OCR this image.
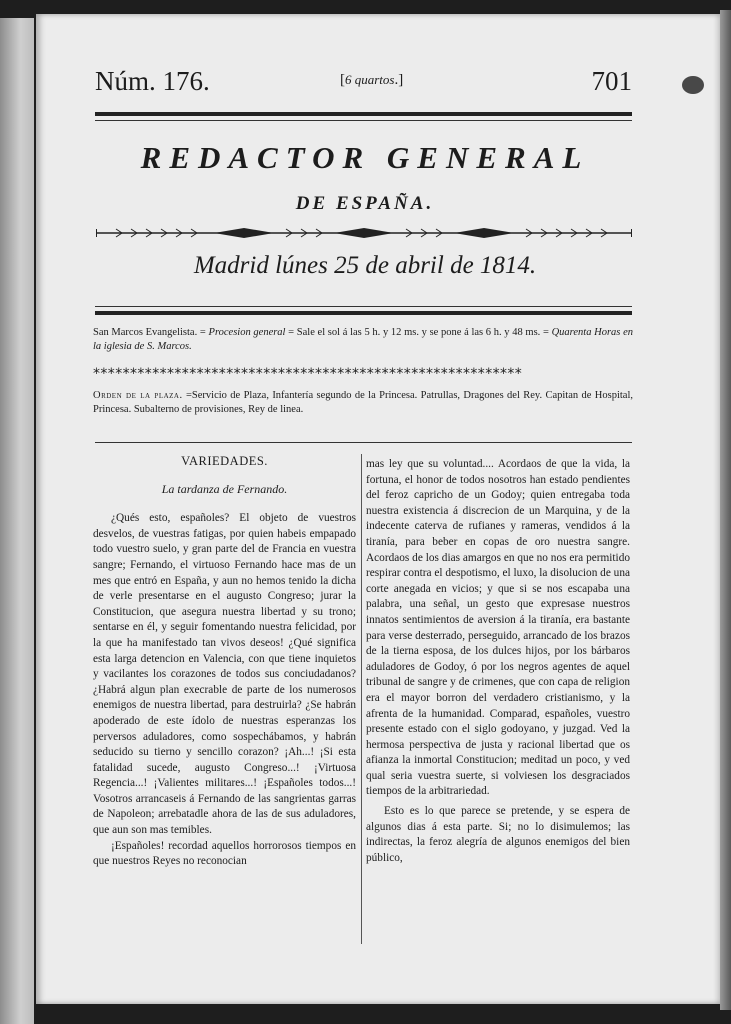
Núm. 176.	[6 quartos.]	701
REDACTOR GENERAL
DE ESPAÑA.
Madrid lúnes 25 de abril de 1814.
San Marcos Evangelista. = Procesion general = Sale el sol á las 5 h. y 12 ms. y se pone á las 6 h. y 48 ms. = Quarenta Horas en la iglesia de S. Marcos.
**********************************************************
Orden de la plaza. =Servicio de Plaza, Infantería segundo de la Princesa. Patrullas, Dragones del Rey. Capitan de Hospital, Princesa. Subalterno de provisiones, Rey de linea.
VARIEDADES.
La tardanza de Fernando.

¿Qués esto, españoles? El objeto de vuestros desvelos, de vuestras fatigas, por quien habeis empapado todo vuestro suelo, y gran parte del de Francia en vuestra sangre; Fernando, el virtuoso Fernando hace mas de un mes que entró en España, y aun no hemos tenido la dicha de verle presentarse en el augusto Congreso; jurar la Constitucion, que asegura nuestra libertad y su trono; sentarse en él, y seguir fomentando nuestra felicidad, por la que ha manifestado tan vivos deseos! ¿Qué significa esta larga detencion en Valencia, con que tiene inquietos y vacilantes los corazones de todos sus conciudadanos? ¿Habrá algun plan execrable de parte de los numerosos enemigos de nuestra libertad, para destruirla? ¿Se habrán apoderado de este ídolo de nuestras esperanzas los perversos aduladores, como sospechábamos, y habrán seducido su tierno y sencillo corazon? ¡Ah...! ¡Si esta fatalidad sucede, augusto Congreso...! ¡Virtuosa Regencia...! ¡Valientes militares...! ¡Españoles todos...! Vosotros arrancaseis á Fernando de las sangrientas garras de Napoleon; arrebatadle ahora de las de sus aduladores, que aun son mas temibles.

¡Españoles! recordad aquellos horrorosos tiempos en que nuestros Reyes no reconocian

mas ley que su voluntad.... Acordaos de que la vida, la fortuna, el honor de todos nosotros han estado pendientes del feroz capricho de un Godoy; quien entregaba toda nuestra existencia á discrecion de un Marquina, y de la indecente caterva de rufianes y rameras, vendidos á la tiranía, para beber en copas de oro nuestra sangre. Acordaos de los dias amargos en que no nos era permitido respirar contra el despotismo, el luxo, la disolucion de una corte anegada en vicios; y que si se nos escapaba una palabra, una señal, un gesto que expresase nuestros innatos sentimientos de aversion á la tiranía, era bastante para verse desterrado, perseguido, arrancado de los brazos de la tierna esposa, de los dulces hijos, por los bárbaros aduladores de Godoy, ó por los negros agentes de aquel tribunal de sangre y de crimenes, que con capa de religion era el mayor borron del verdadero cristianismo, y la afrenta de la humanidad. Comparad, españoles, vuestro presente estado con el siglo godoyano, y juzgad. Ved la hermosa perspectiva de justa y racional libertad que os afianza la inmortal Constitucion; meditad un poco, y ved qual seria vuestra suerte, si volviesen los desgraciados tiempos de la arbitrariedad.

Esto es lo que parece se pretende, y se espera de algunos dias á esta parte. Si; no lo disimulemos; las indirectas, la feroz alegría de algunos enemigos del bien público,
